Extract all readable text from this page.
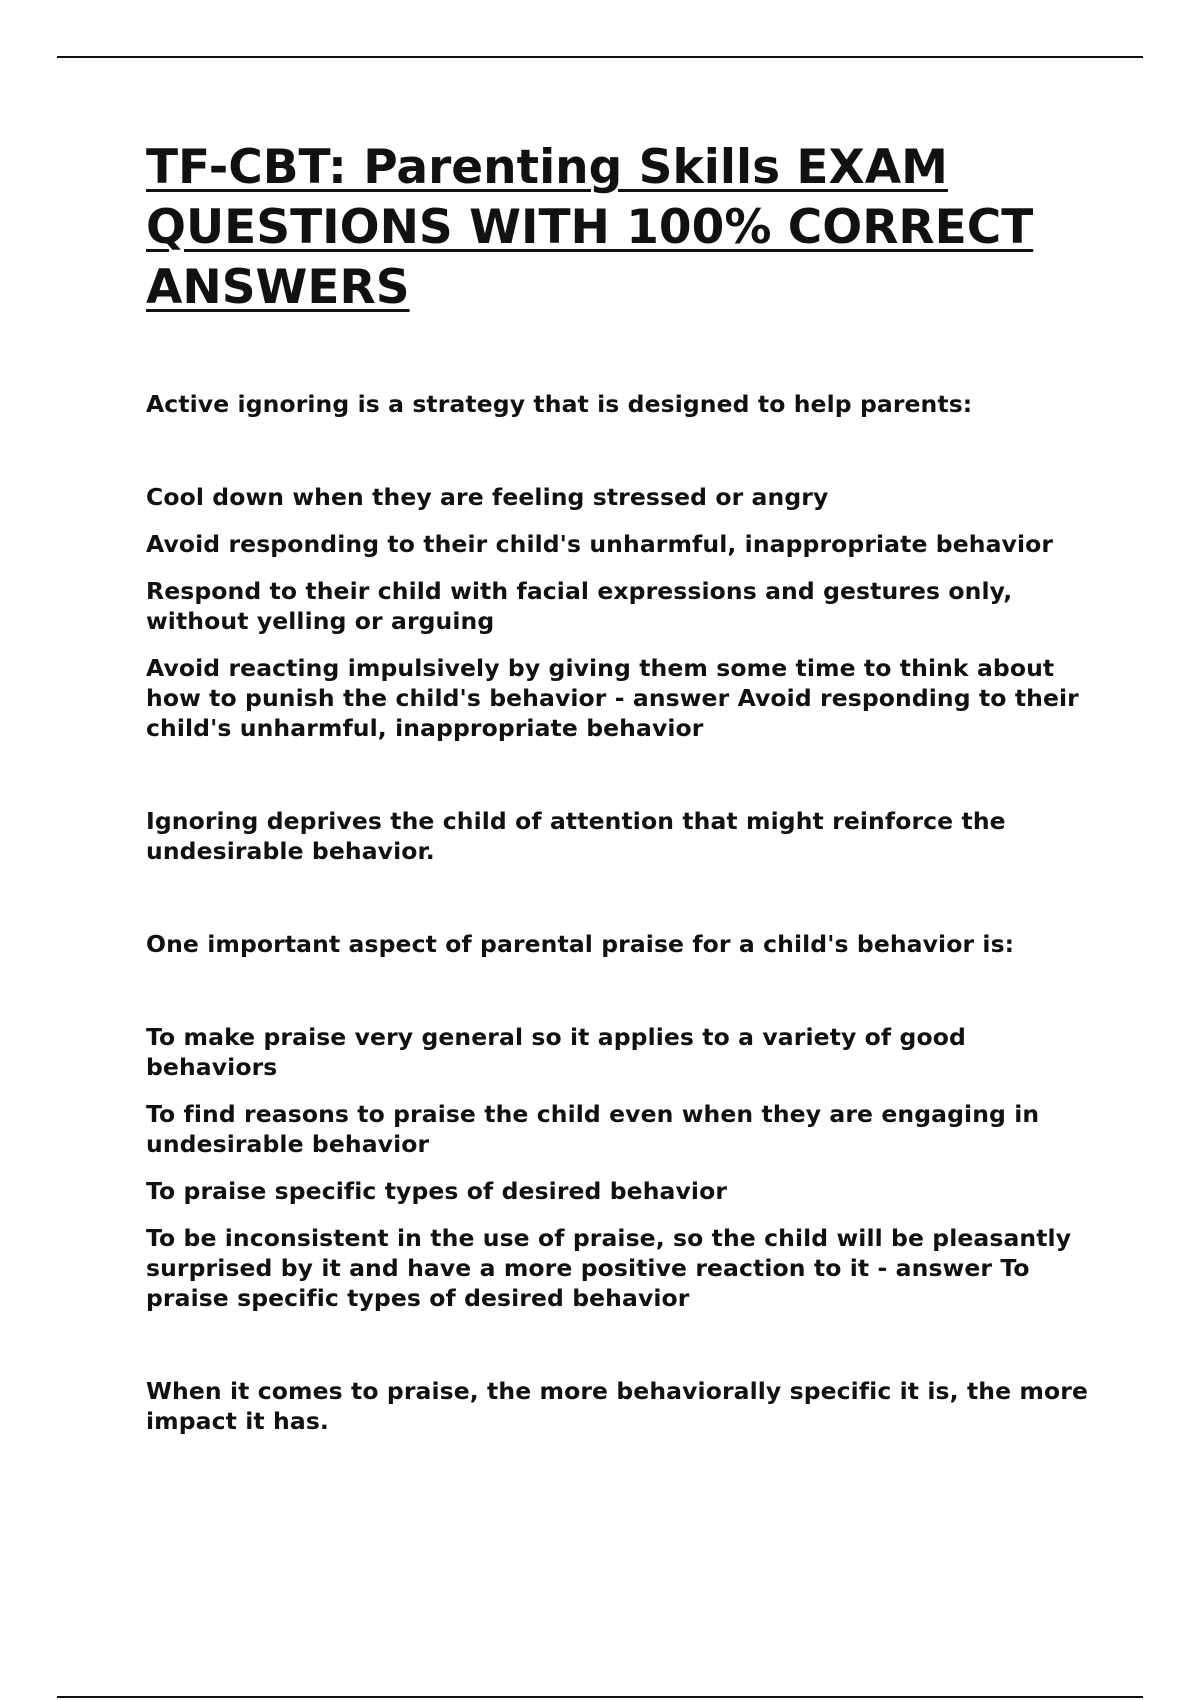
TF-CBT: Parenting Skills EXAM
QUESTIONS WITH 100% CORRECT
ANSWERS

Active ignoring is a strategy that is designed to help parents:

Cool down when they are feeling stressed or angry

Avoid responding to their child's unharmful, inappropriate behavior

Respond to their child with facial expressions and gestures only, without yelling or arguing

Avoid reacting impulsively by giving them some time to think about how to punish the child's behavior - answer Avoid responding to their child's unharmful, inappropriate behavior

Ignoring deprives the child of attention that might reinforce the undesirable behavior.

One important aspect of parental praise for a child's behavior is:

To make praise very general so it applies to a variety of good behaviors

To find reasons to praise the child even when they are engaging in undesirable behavior

To praise specific types of desired behavior

To be inconsistent in the use of praise, so the child will be pleasantly surprised by it and have a more positive reaction to it - answer To praise specific types of desired behavior

When it comes to praise, the more behaviorally specific it is, the more impact it has.
